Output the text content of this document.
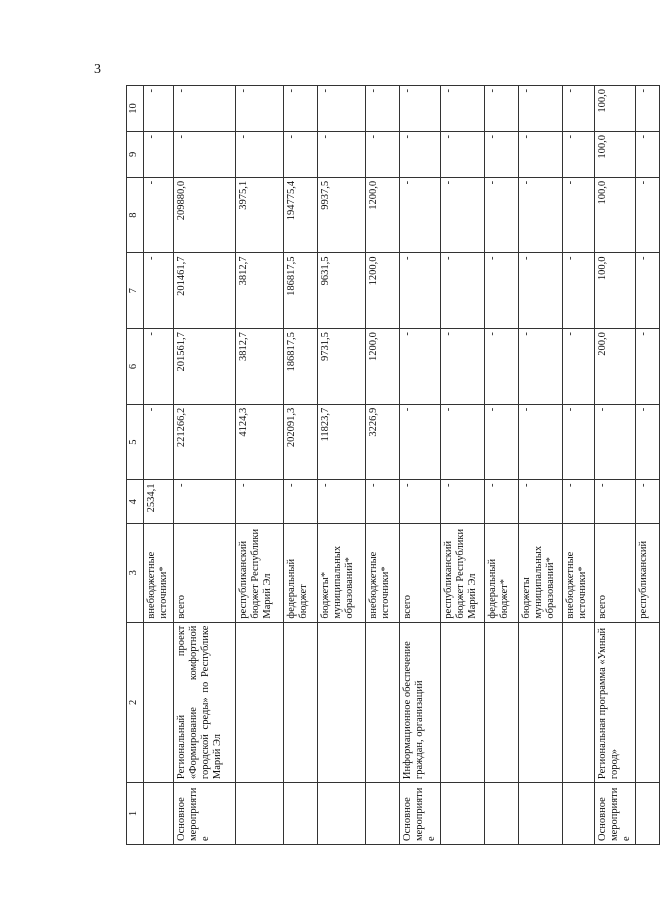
3
1	2	3	4	5	6	7	8	9	10
		внебюджетные источники*	2534,1	-	-	-	-	-	-
Основное мероприятие	Региональный проект «Формирование комфортной городской среды» по Республике Марий Эл	всего	-	221266,2	201561,7	201461,7	209880,0	-	-
		республиканский бюджет Республики Марий Эл	-	4124,3	3812,7	3812,7	3975,1	-	-
		федеральный бюджет	-	202091,3	186817,5	186817,5	194775,4	-	-
		бюджеты* муниципальных образований*	-	11823,7	9731,5	9631,5	9937,5	-	-
		внебюджетные источники*	-	3226,9	1200,0	1200,0	1200,0	-	-
Основное мероприятие	Информационное обеспечение граждан, организаций	всего	-	-	-	-	-	-	-
		республиканский бюджет Республики Марий Эл	-	-	-	-	-	-	-
		федеральный бюджет*	-	-	-	-	-	-	-
		бюджеты муниципальных образований*	-	-	-	-	-	-	-
		внебюджетные источники*	-	-	-	-	-	-	-
Основное мероприятие	Региональная программа «Умный город»	всего	-	-	200,0	100,0	100,0	100,0	100,0
		республиканский	-	-	-	-	-	-	-
